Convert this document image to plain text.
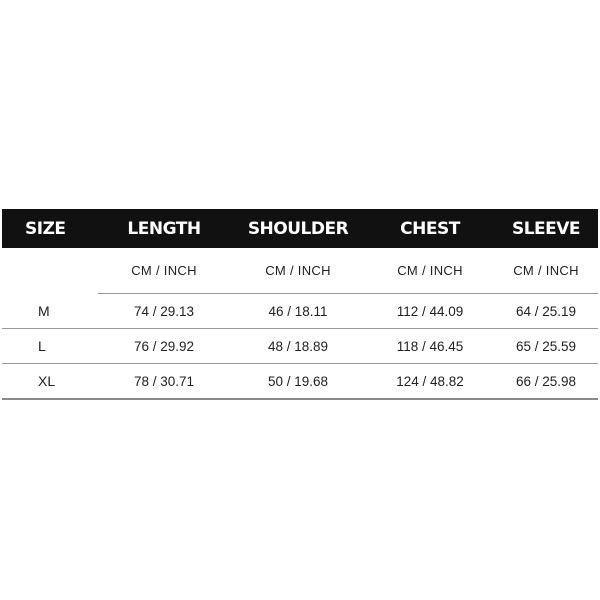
SIZE	LENGTH	SHOULDER	CHEST	SLEEVE
	CM / INCH	CM / INCH	CM / INCH	CM / INCH
M	74 / 29.13	46 / 18.11	112 / 44.09	64 / 25.19
L	76 / 29.92	48 / 18.89	118 / 46.45	65 / 25.59
XL	78 / 30.71	50 / 19.68	124 / 48.82	66 / 25.98
